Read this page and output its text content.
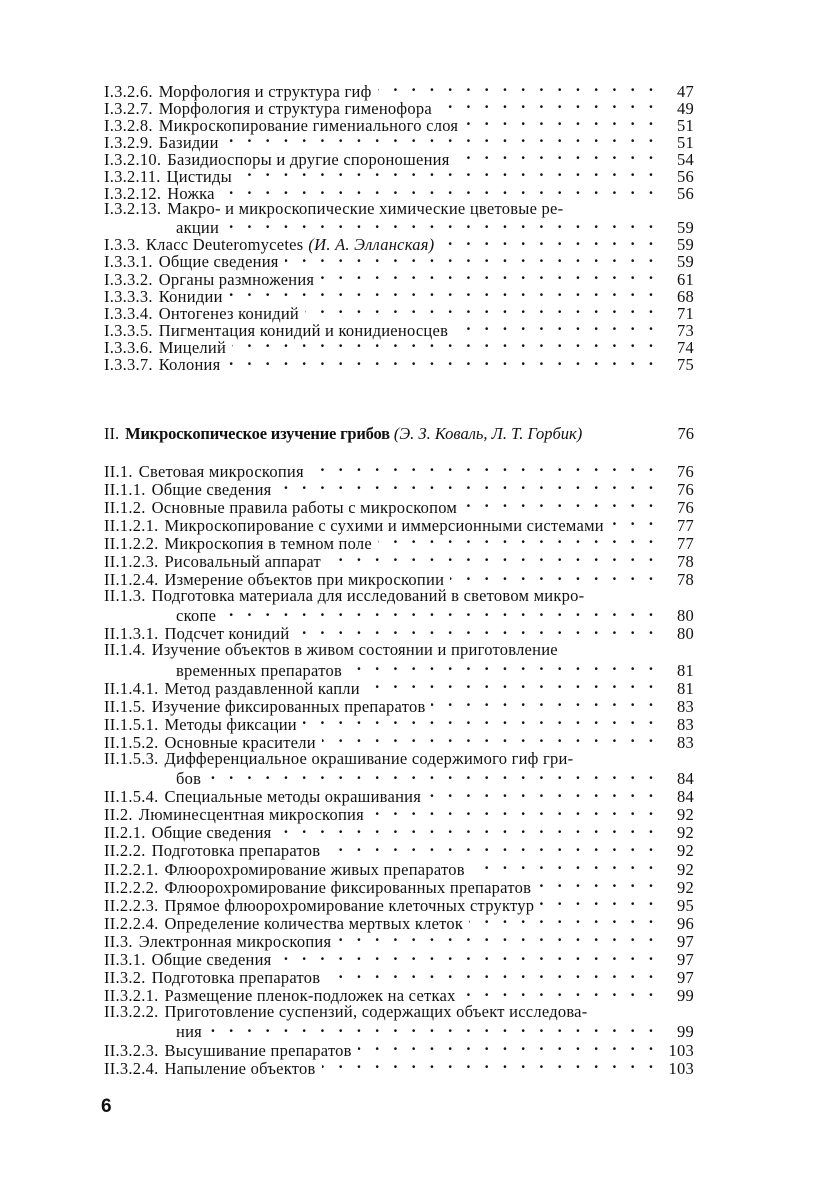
I.3.2.6. Морфология и структура гиф . . .	47
I.3.2.7. Морфология и структура гименофора . . .	49
I.3.2.8. Микроскопирование гимениального слоя . . .	51
I.3.2.9. Базидии . . .	51
I.3.2.10. Базидиоспоры и другие спороношения . . .	54
I.3.2.11. Цистиды . . .	56
I.3.2.12. Ножка . . .	56
I.3.2.13. Макро- и микроскопические химические цветовые ре-
акции . . .	59
I.3.3. Класс Deuteromycetes (И. А. Элланская) . . .	59
I.3.3.1. Общие сведения . . .	59
I.3.3.2. Органы размножения . . .	61
I.3.3.3. Конидии . . .	68
I.3.3.4. Онтогенез конидий . . .	71
I.3.3.5. Пигментация конидий и конидиеносцев . . .	73
I.3.3.6. Мицелий . . .	74
I.3.3.7. Колония . . .	75
II. Микроскопическое изучение грибов (Э. З. Коваль, Л. Т. Горбик)	76
II.1. Световая микроскопия . . .	76
II.1.1. Общие сведения . . .	76
II.1.2. Основные правила работы с микроскопом . . .	76
II.1.2.1. Микроскопирование с сухими и иммерсионными системами . . .	77
II.1.2.2. Микроскопия в темном поле . . .	77
II.1.2.3. Рисовальный аппарат . . .	78
II.1.2.4. Измерение объектов при микроскопии . . .	78
II.1.3. Подготовка материала для исследований в световом микро-
скопе . . .	80
II.1.3.1. Подсчет конидий . . .	80
II.1.4. Изучение объектов в живом состоянии и приготовление
временных препаратов . . .	81
II.1.4.1. Метод раздавленной капли . . .	81
II.1.5. Изучение фиксированных препаратов . . .	83
II.1.5.1. Методы фиксации . . .	83
II.1.5.2. Основные красители . . .	83
II.1.5.3. Дифференциальное окрашивание содержимого гиф гри-
бов . . .	84
II.1.5.4. Специальные методы окрашивания . . .	84
II.2. Люминесцентная микроскопия . . .	92
II.2.1. Общие сведения . . .	92
II.2.2. Подготовка препаратов . . .	92
II.2.2.1. Флюорохромирование живых препаратов . . .	92
II.2.2.2. Флюорохромирование фиксированных препаратов . . .	92
II.2.2.3. Прямое флюорохромирование клеточных структур . . .	95
II.2.2.4. Определение количества мертвых клеток . . .	96
II.3. Электронная микроскопия . . .	97
II.3.1. Общие сведения . . .	97
II.3.2. Подготовка препаратов . . .	97
II.3.2.1. Размещение пленок-подложек на сетках . . .	99
II.3.2.2. Приготовление суспензий, содержащих объект исследова-
ния . . .	99
II.3.2.3. Высушивание препаратов . . .	103
II.3.2.4. Напыление объектов . . .	103
6
